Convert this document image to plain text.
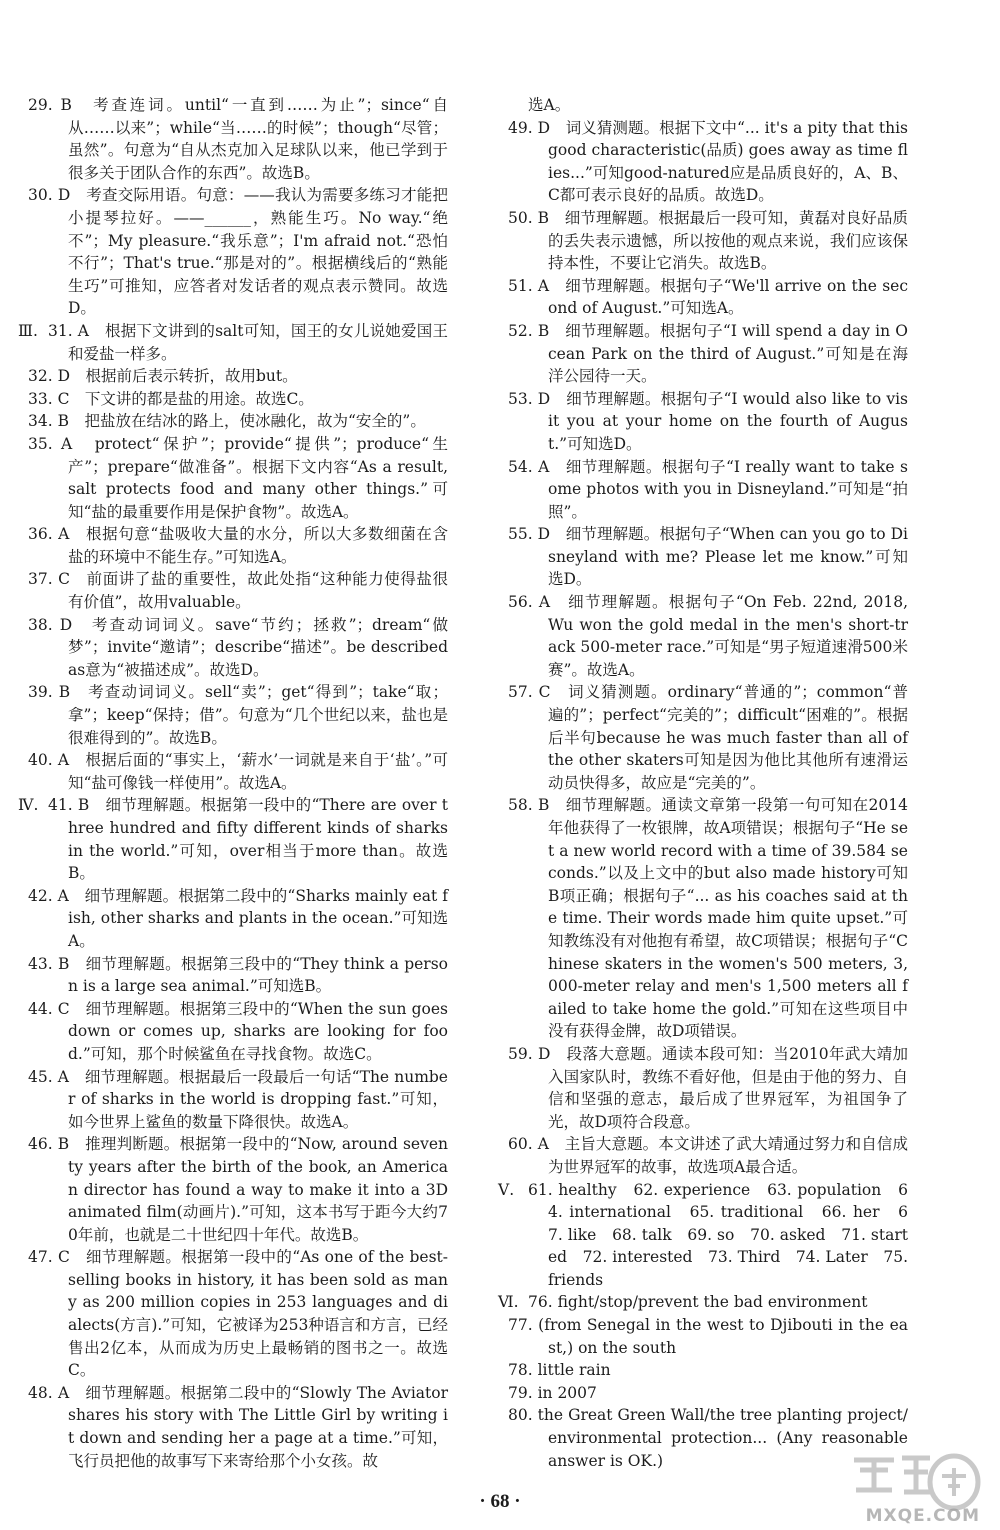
29. B　考查连词。until“一直到……为止”；since“自从……以来”；while“当……的时候”；though“尽管；虽然”。句意为“自从杰克加入足球队以来，他已学到于很多关于团队合作的东西”。故选B。
30. D　考查交际用语。句意：——我认为需要多练习才能把小提琴拉好。——______，熟能生巧。No way.“绝不”；My pleasure.“我乐意”；I'm afraid not.“恐怕不行”；That's true.“那是对的”。根据横线后的“熟能生巧”可推知，应答者对发话者的观点表示赞同。故选D。
Ⅲ. 31. A　根据下文讲到的salt可知，国王的女儿说她爱国王和爱盐一样多。
32. D　根据前后表示转折，故用but。
33. C　下文讲的都是盐的用途。故选C。
34. B　把盐放在结冰的路上，使冰融化，故为“安全的”。
35. A　protect“保护”；provide“提供”；produce“生产”；prepare“做准备”。根据下文内容“As a result, salt protects food and many other things.”可知“盐的最重要作用是保护食物”。故选A。
36. A　根据句意“盐吸收大量的水分，所以大多数细菌在含盐的环境中不能生存。”可知选A。
37. C　前面讲了盐的重要性，故此处指“这种能力使得盐很有价值”，故用valuable。
38. D　考查动词词义。save“节约；拯救”；dream“做梦”；invite“邀请”；describe“描述”。be described as意为“被描述成”。故选D。
39. B　考查动词词义。sell“卖”；get“得到”；take“取；拿”；keep“保持；借”。句意为“几个世纪以来，盐也是很难得到的”。故选B。
40. A　根据后面的“事实上，‘薪水’一词就是来自于‘盐’。”可知“盐可像钱一样使用”。故选A。
Ⅳ. 41. B　细节理解题。根据第一段中的“There are over three hundred and fifty different kinds of sharks in the world.”可知，over相当于more than。故选B。
42. A　细节理解题。根据第二段中的“Sharks mainly eat fish, other sharks and plants in the ocean.”可知选A。
43. B　细节理解题。根据第三段中的“They think a person is a large sea animal.”可知选B。
44. C　细节理解题。根据第三段中的“When the sun goes down or comes up, sharks are looking for food.”可知，那个时候鲨鱼在寻找食物。故选C。
45. A　细节理解题。根据最后一段最后一句话“The number of sharks in the world is dropping fast.”可知，如今世界上鲨鱼的数量下降很快。故选A。
46. B　推理判断题。根据第一段中的“Now, around seventy years after the birth of the book, an American director has found a way to make it into a 3D animated film(动画片).”可知，这本书写于距今大约70年前，也就是二十世纪四十年代。故选B。
47. C　细节理解题。根据第一段中的“As one of the best-selling books in history, it has been sold as many as 200 million copies in 253 languages and dialects(方言).”可知，它被译为253种语言和方言，已经售出2亿本，从而成为历史上最畅销的图书之一。故选C。
48. A　细节理解题。根据第二段中的“Slowly The Aviator shares his story with The Little Girl by writing it down and sending her a page at a time.”可知，飞行员把他的故事写下来寄给那个小女孩。故
选A。
49. D　词义猜测题。根据下文中“... it's a pity that this good characteristic(品质) goes away as time flies...”可知good-natured应是品质良好的，A、B、C都可表示良好的品质。故选D。
50. B　细节理解题。根据最后一段可知，黄磊对良好品质的丢失表示遗憾，所以按他的观点来说，我们应该保持本性，不要让它消失。故选B。
51. A　细节理解题。根据句子“We'll arrive on the second of August.”可知选A。
52. B　细节理解题。根据句子“I will spend a day in Ocean Park on the third of August.”可知是在海洋公园待一天。
53. D　细节理解题。根据句子“I would also like to visit you at your home on the fourth of August.”可知选D。
54. A　细节理解题。根据句子“I really want to take some photos with you in Disneyland.”可知是“拍照”。
55. D　细节理解题。根据句子“When can you go to Disneyland with me? Please let me know.”可知选D。
56. A　细节理解题。根据句子“On Feb. 22nd, 2018, Wu won the gold medal in the men's short-track 500-meter race.”可知是“男子短道速滑500米赛”。故选A。
57. C　词义猜测题。ordinary“普通的”；common“普遍的”；perfect“完美的”；difficult“困难的”。根据后半句because he was much faster than all of the other skaters可知是因为他比其他所有速滑运动员快得多，故应是“完美的”。
58. B　细节理解题。通读文章第一段第一句可知在2014年他获得了一枚银牌，故A项错误；根据句子“He set a new world record with a time of 39.584 seconds.”以及上文中的but also made history可知B项正确；根据句子“... as his coaches said at the time. Their words made him quite upset.”可知教练没有对他抱有希望，故C项错误；根据句子“Chinese skaters in the women's 500 meters, 3,000-meter relay and men's 1,500 meters all failed to take home the gold.”可知在这些项目中没有获得金牌，故D项错误。
59. D　段落大意题。通读本段可知：当2010年武大靖加入国家队时，教练不看好他，但是由于他的努力、自信和坚强的意志，最后成了世界冠军，为祖国争了光，故D项符合段意。
60. A　主旨大意题。本文讲述了武大靖通过努力和自信成为世界冠军的故事，故选项A最合适。
Ⅴ. 61. healthy　62. experience　63. population　64. international　65. traditional　66. her　67. like　68. talk　69. so　70. asked　71. started　72. interested　73. Third　74. Later　75. friends
Ⅵ. 76. fight/stop/prevent the bad environment
77. (from Senegal in the west to Djibouti in the east,) on the south
78. little rain
79. in 2007
80. the Great Green Wall/the tree planting project/environmental protection... (Any reasonable answer is OK.)
· 68 ·
MXQE.COM
